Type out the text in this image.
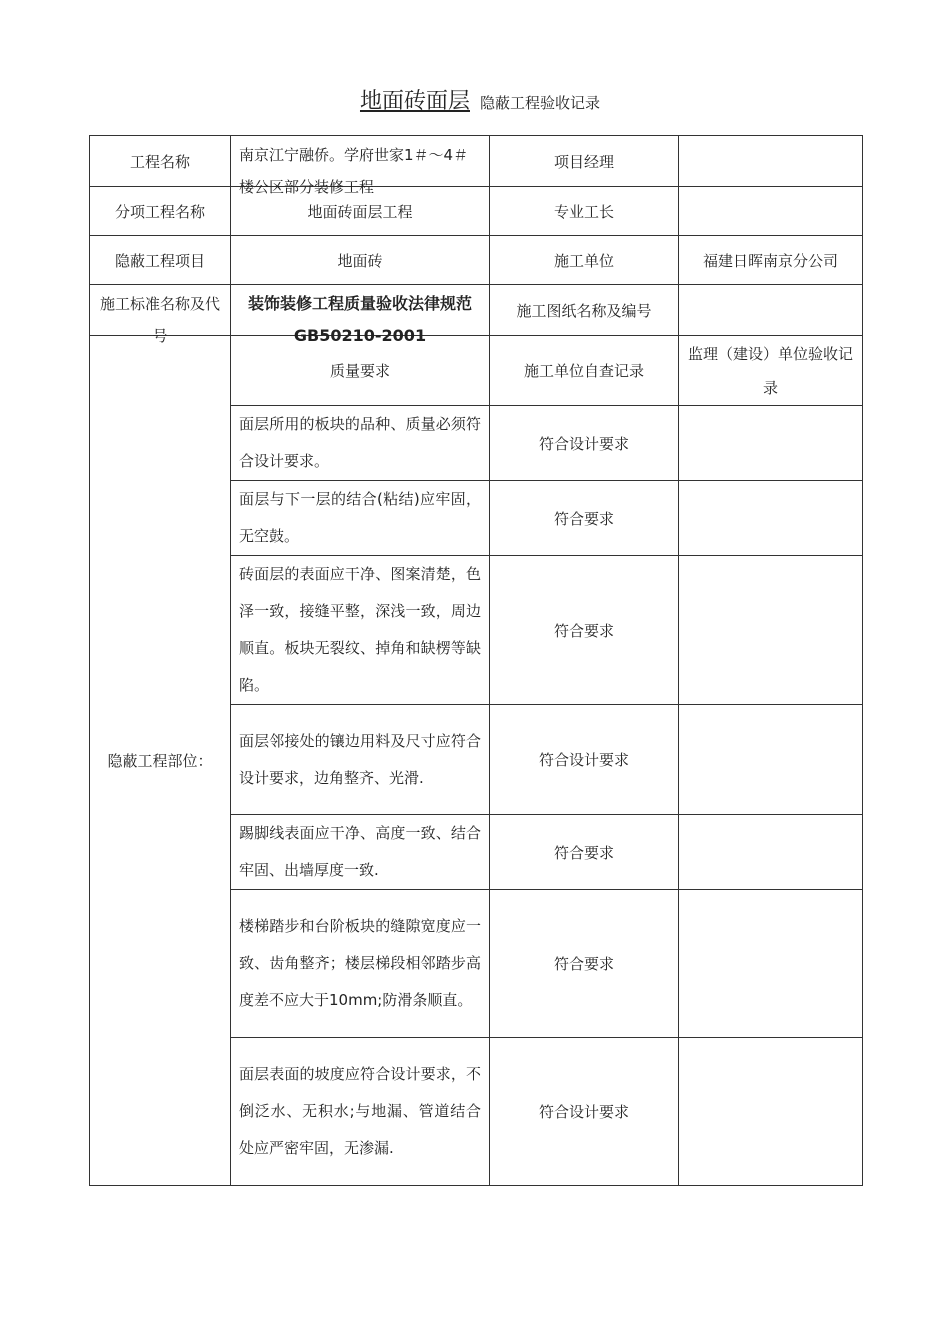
地面砖面层 隐蔽工程验收记录
工程名称	南京江宁融侨。学府世家1＃～4＃楼公区部分装修工程	项目经理	
分项工程名称	地面砖面层工程	专业工长	
隐蔽工程项目	地面砖	施工单位	福建日晖南京分公司

施工标准名称及代号	装饰装修工程质量验收法律规范GB50210-2001	施工图纸名称及编号	
隐蔽工程部位：	质量要求	施工单位自查记录	监理（建设）单位验收记录

	面层所用的板块的品种、质量必须符合设计要求。	符合设计要求	

	面层与下一层的结合(粘结)应牢固，无空鼓。	符合要求	

	砖面层的表面应干净、图案清楚，色泽一致，接缝平整，深浅一致，周边顺直。板块无裂纹、掉角和缺楞等缺陷。	符合要求	

	面层邻接处的镶边用料及尺寸应符合设计要求，边角整齐、光滑.	符合设计要求	

	踢脚线表面应干净、高度一致、结合牢固、出墙厚度一致.	符合要求	

	楼梯踏步和台阶板块的缝隙宽度应一致、齿角整齐；楼层梯段相邻踏步高度差不应大于10mm;防滑条顺直。	符合要求	

	面层表面的坡度应符合设计要求，不倒泛水、无积水;与地漏、管道结合处应严密牢固，无渗漏.	符合设计要求	
